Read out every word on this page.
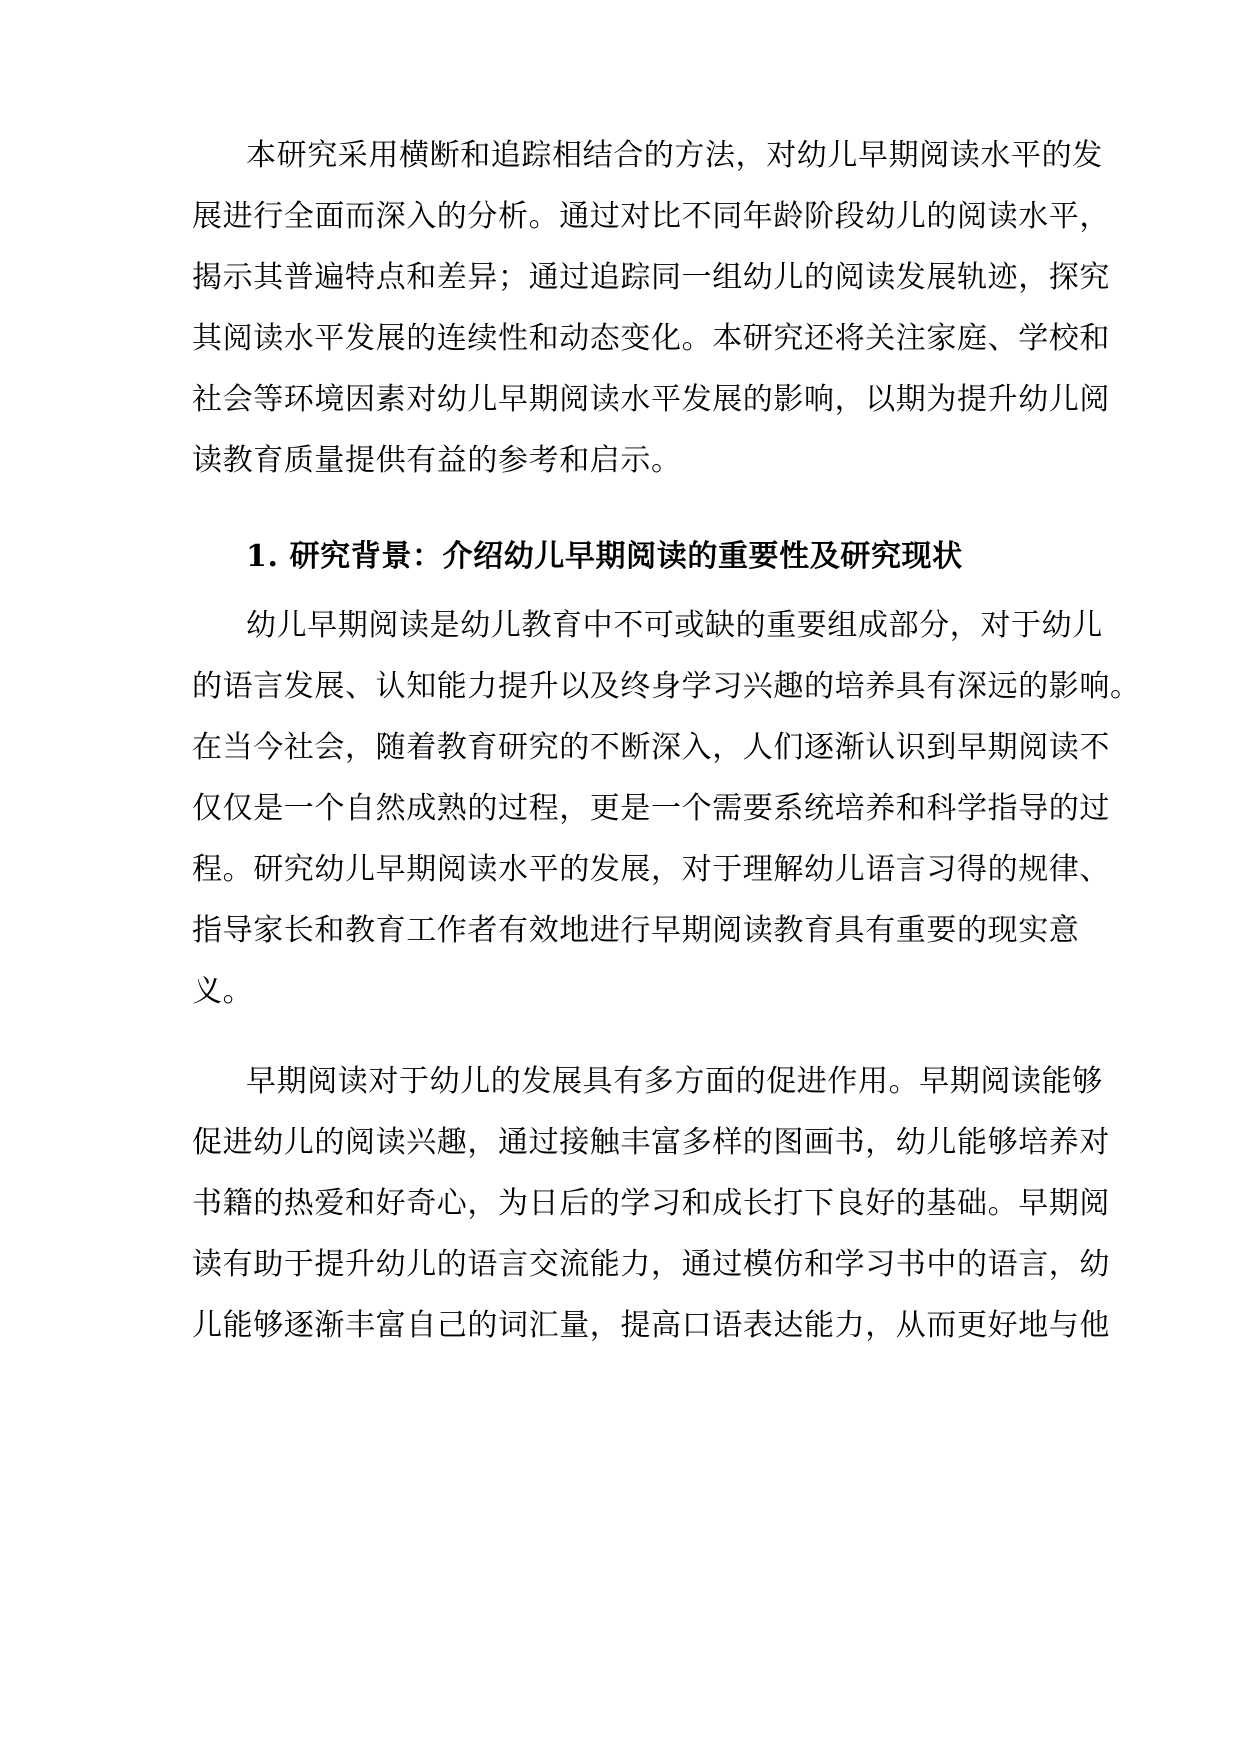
本研究采用横断和追踪相结合的方法，对幼儿早期阅读水平的发
展进行全面而深入的分析。通过对比不同年龄阶段幼儿的阅读水平，
揭示其普遍特点和差异；通过追踪同一组幼儿的阅读发展轨迹，探究
其阅读水平发展的连续性和动态变化。本研究还将关注家庭、学校和
社会等环境因素对幼儿早期阅读水平发展的影响，以期为提升幼儿阅
读教育质量提供有益的参考和启示。
1. 研究背景：介绍幼儿早期阅读的重要性及研究现状
幼儿早期阅读是幼儿教育中不可或缺的重要组成部分，对于幼儿
的语言发展、认知能力提升以及终身学习兴趣的培养具有深远的影响。
在当今社会，随着教育研究的不断深入，人们逐渐认识到早期阅读不
仅仅是一个自然成熟的过程，更是一个需要系统培养和科学指导的过
程。研究幼儿早期阅读水平的发展，对于理解幼儿语言习得的规律、
指导家长和教育工作者有效地进行早期阅读教育具有重要的现实意
义。
早期阅读对于幼儿的发展具有多方面的促进作用。早期阅读能够
促进幼儿的阅读兴趣，通过接触丰富多样的图画书，幼儿能够培养对
书籍的热爱和好奇心，为日后的学习和成长打下良好的基础。早期阅
读有助于提升幼儿的语言交流能力，通过模仿和学习书中的语言，幼
儿能够逐渐丰富自己的词汇量，提高口语表达能力，从而更好地与他
